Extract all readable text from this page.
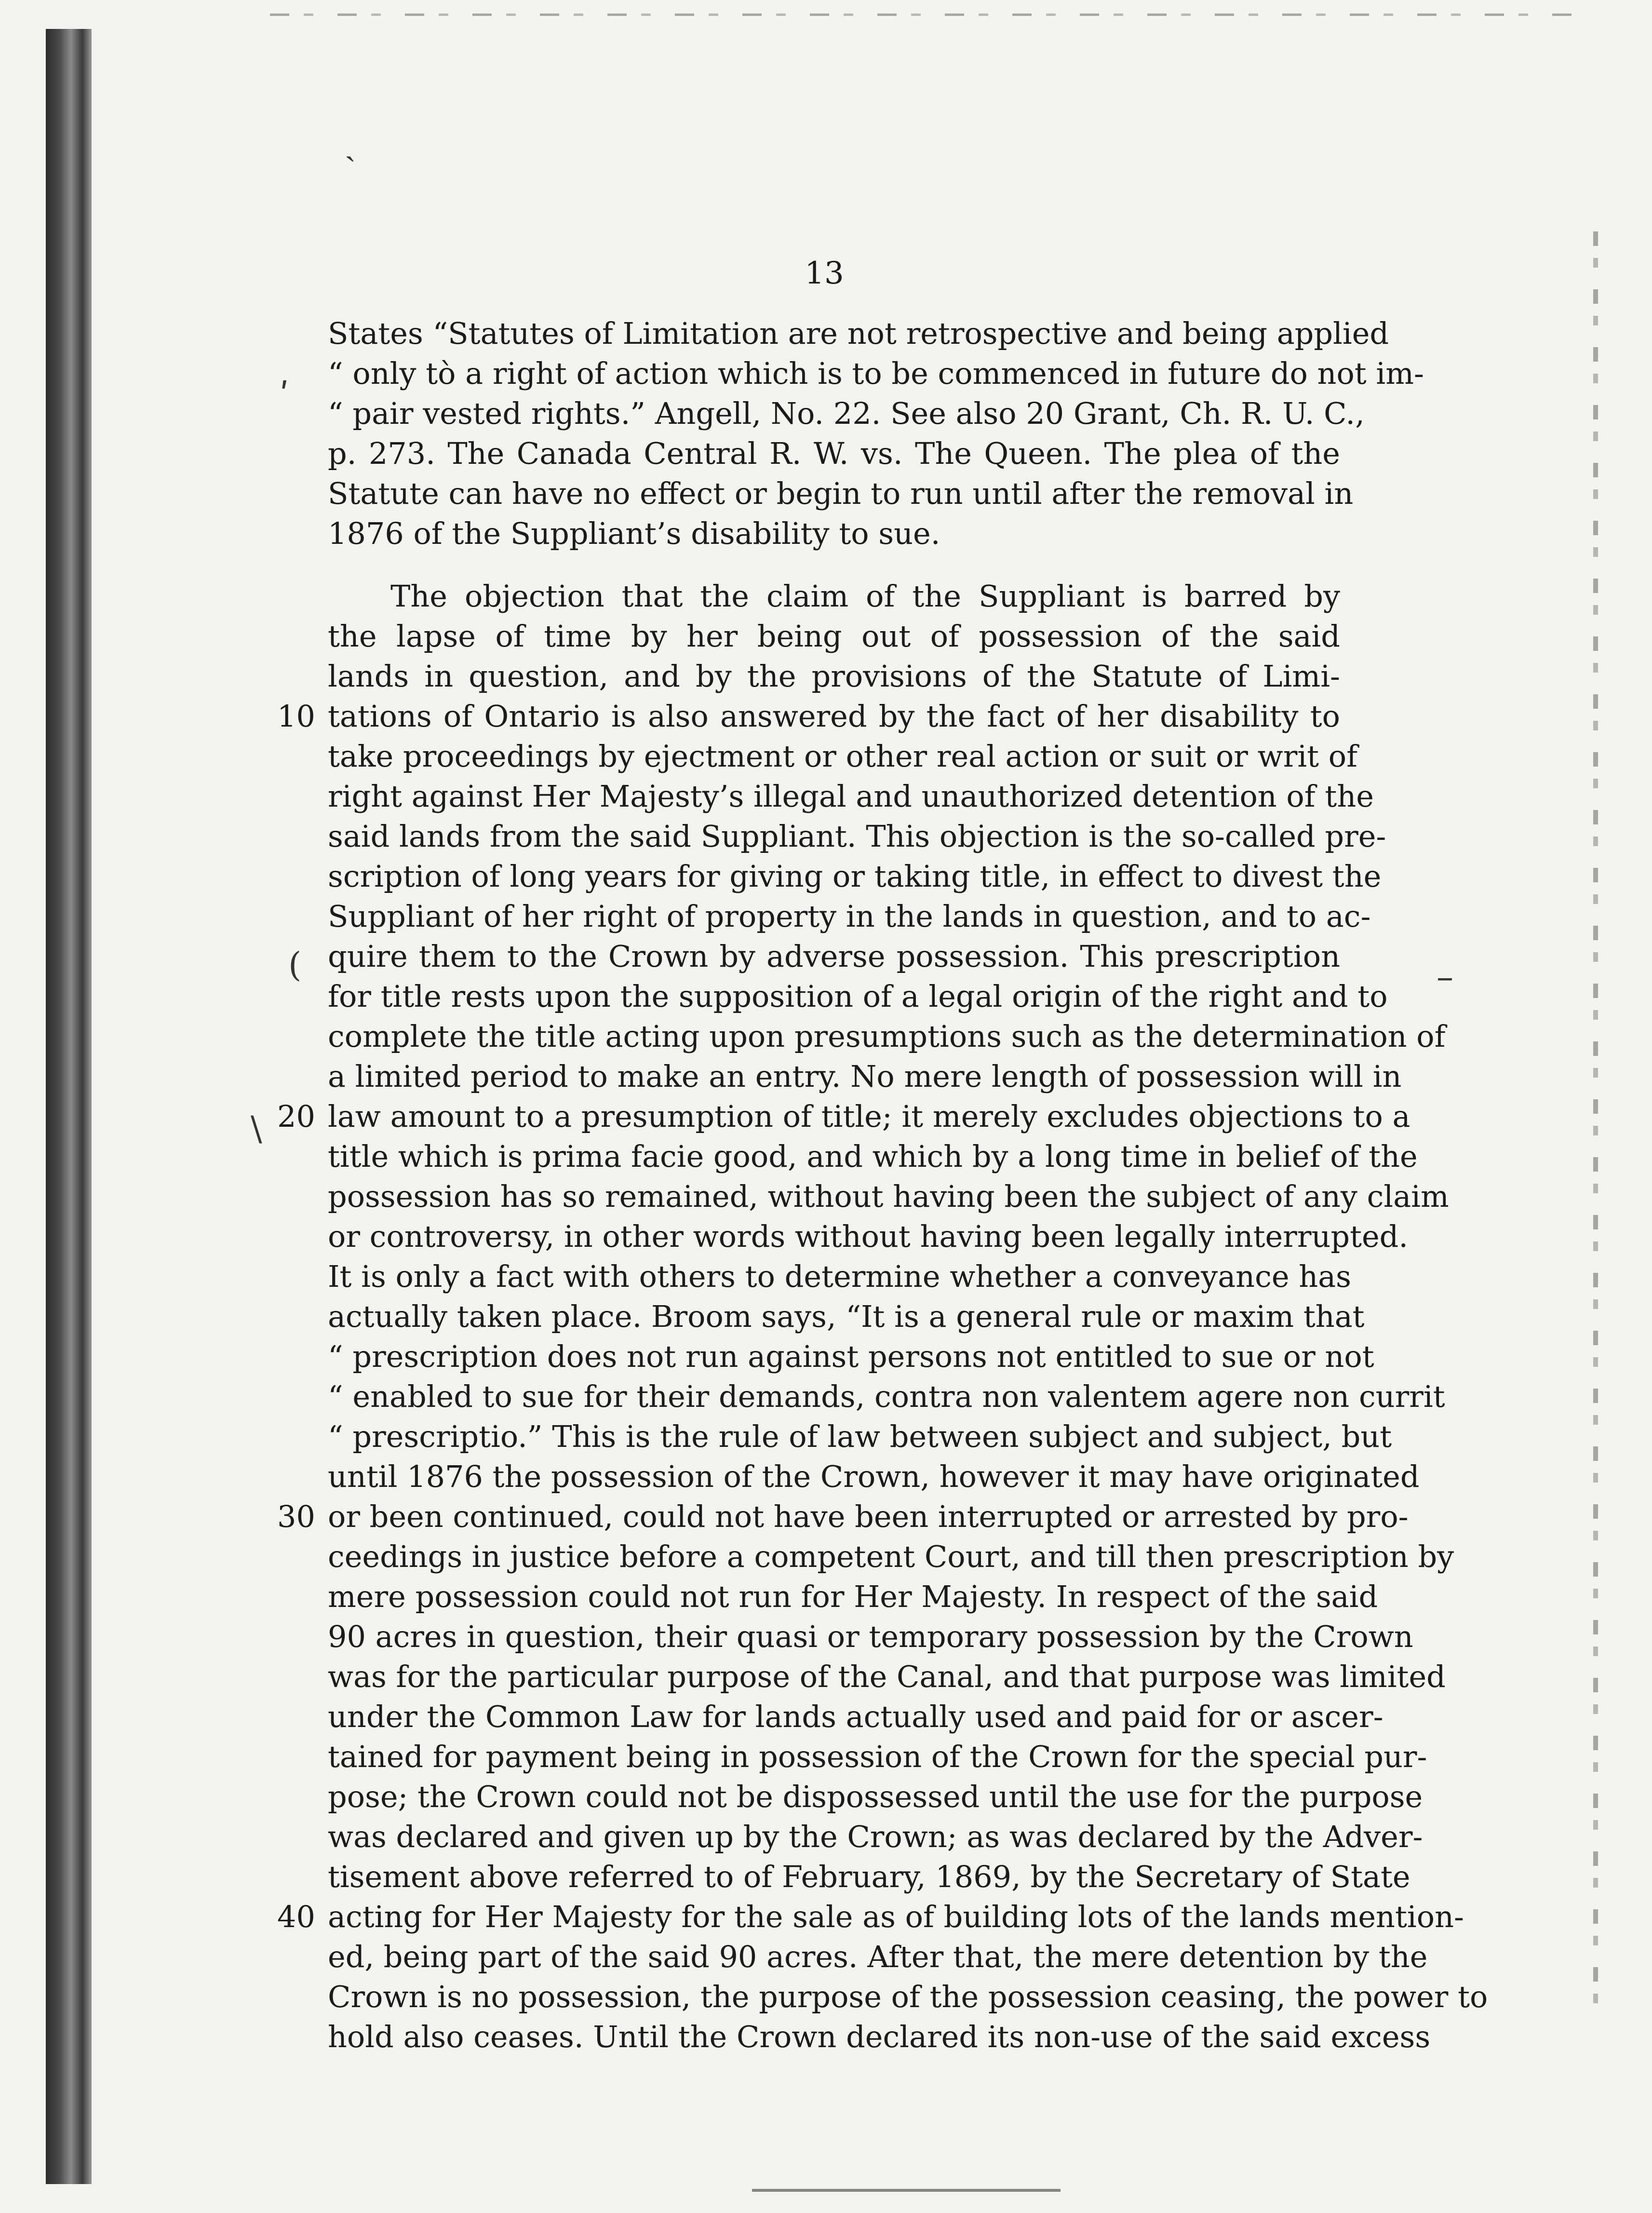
13
ˏ
ʹ
(	–
\
States “Statutes of Limitation are not retrospective and being applied
“ only tò a right of action which is to be commenced in future do not im-
“ pair vested rights.” Angell, No. 22. See also 20 Grant, Ch. R. U. C.,
p. 273. The Canada Central R. W. vs. The Queen. The plea of the
Statute can have no effect or begin to run until after the removal in
1876 of the Suppliant’s disability to sue.
The objection that the claim of the Suppliant is barred by
the lapse of time by her being out of possession of the said
lands in question, and by the provisions of the Statute of Limi-
tations of Ontario is also answered by the fact of her disability to
take proceedings by ejectment or other real action or suit or writ of
right against Her Majesty’s illegal and unauthorized detention of the
said lands from the said Suppliant. This objection is the so-called pre-
scription of long years for giving or taking title, in effect to divest the
Suppliant of her right of property in the lands in question, and to ac-
quire them to the Crown by adverse possession. This prescription
for title rests upon the supposition of a legal origin of the right and to
complete the title acting upon presumptions such as the determination of
a limited period to make an entry. No mere length of possession will in
law amount to a presumption of title; it merely excludes objections to a
title which is prima facie good, and which by a long time in belief of the
possession has so remained, without having been the subject of any claim
or controversy, in other words without having been legally interrupted.
It is only a fact with others to determine whether a conveyance has
actually taken place. Broom says, “It is a general rule or maxim that
“ prescription does not run against persons not entitled to sue or not
“ enabled to sue for their demands, contra non valentem agere non currit
“ prescriptio.” This is the rule of law between subject and subject, but
until 1876 the possession of the Crown, however it may have originated
or been continued, could not have been interrupted or arrested by pro-
ceedings in justice before a competent Court, and till then prescription by
mere possession could not run for Her Majesty. In respect of the said
90 acres in question, their quasi or temporary possession by the Crown
was for the particular purpose of the Canal, and that purpose was limited
under the Common Law for lands actually used and paid for or ascer-
tained for payment being in possession of the Crown for the special pur-
pose; the Crown could not be dispossessed until the use for the purpose
was declared and given up by the Crown; as was declared by the Adver-
tisement above referred to of February, 1869, by the Secretary of State
acting for Her Majesty for the sale as of building lots of the lands mention-
ed, being part of the said 90 acres. After that, the mere detention by the
Crown is no possession, the purpose of the possession ceasing, the power to
hold also ceases. Until the Crown declared its non-use of the said excess
10
20
30
40
